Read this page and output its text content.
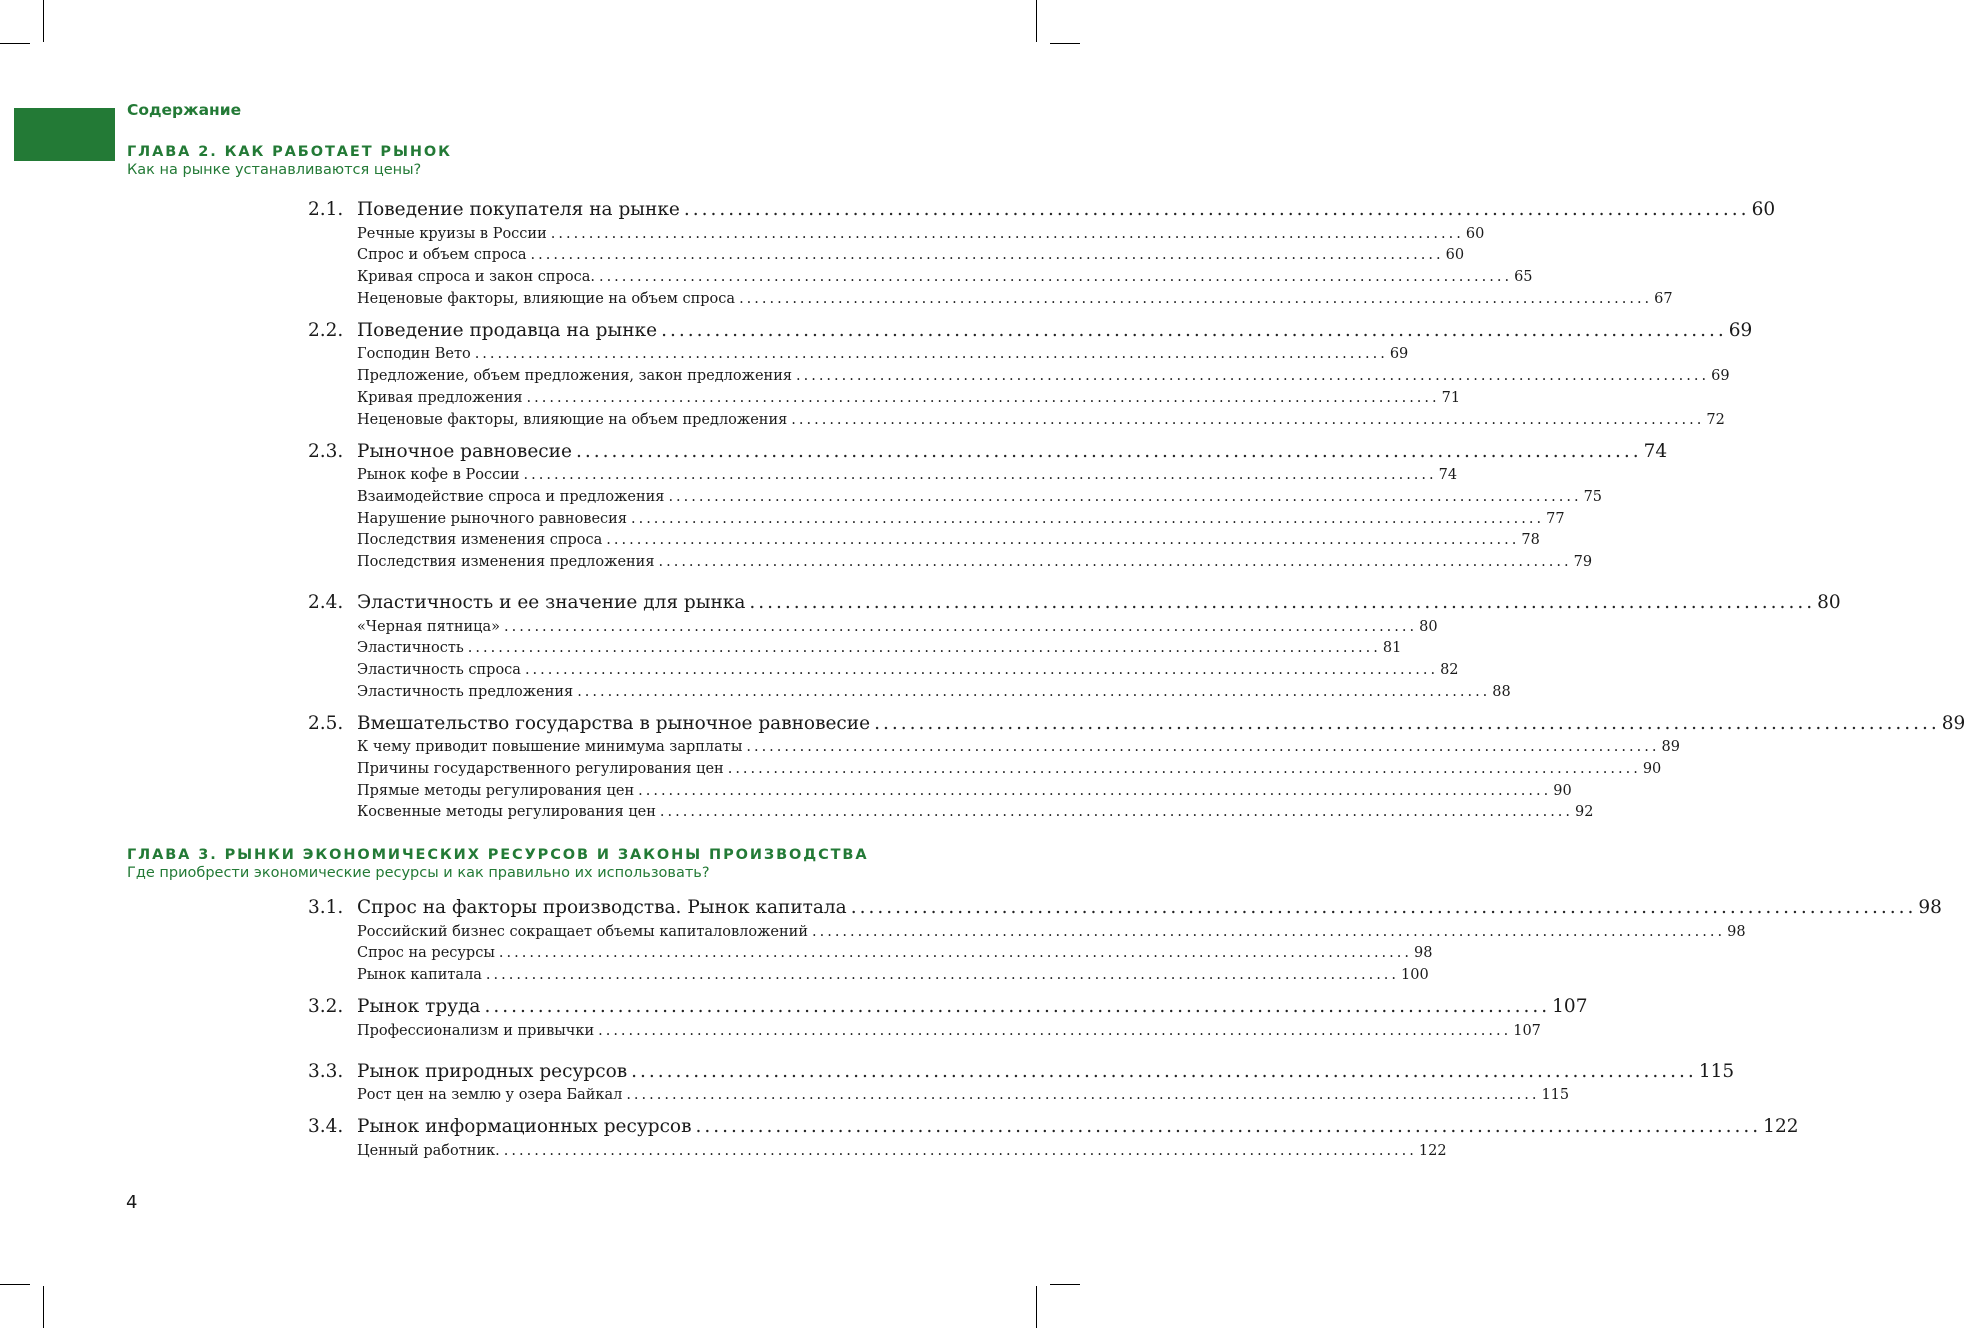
Содержание
ГЛАВА 2. КАК РАБОТАЕТ РЫНОК
Как на рынке устанавливаются цены?
2.1. Поведение покупателя на рынке ........................................................................................................................ 60
Речные круизы в России ........................................................................................................................ 60
Спрос и объем спроса ........................................................................................................................ 60
Кривая спроса и закон спроса. ........................................................................................................................ 65
Неценовые факторы, влияющие на объем спроса ........................................................................................................................ 67
2.2. Поведение продавца на рынке ........................................................................................................................ 69
Господин Вето ........................................................................................................................ 69
Предложение, объем предложения, закон предложения ........................................................................................................................ 69
Кривая предложения ........................................................................................................................ 71
Неценовые факторы, влияющие на объем предложения ........................................................................................................................ 72
2.3. Рыночное равновесие ........................................................................................................................ 74
Рынок кофе в России ........................................................................................................................ 74
Взаимодействие спроса и предложения ........................................................................................................................ 75
Нарушение рыночного равновесия ........................................................................................................................ 77
Последствия изменения спроса ........................................................................................................................ 78
Последствия изменения предложения ........................................................................................................................ 79
2.4. Эластичность и ее значение для рынка ........................................................................................................................ 80
«Черная пятница» ........................................................................................................................ 80
Эластичность ........................................................................................................................ 81
Эластичность спроса ........................................................................................................................ 82
Эластичность предложения ........................................................................................................................ 88
2.5. Вмешательство государства в рыночное равновесие ........................................................................................................................ 89
К чему приводит повышение минимума зарплаты ........................................................................................................................ 89
Причины государственного регулирования цен ........................................................................................................................ 90
Прямые методы регулирования цен ........................................................................................................................ 90
Косвенные методы регулирования цен ........................................................................................................................ 92
ГЛАВА 3. РЫНКИ ЭКОНОМИЧЕСКИХ РЕСУРСОВ И ЗАКОНЫ ПРОИЗВОДСТВА
Где приобрести экономические ресурсы и как правильно их использовать?
3.1. Спрос на факторы производства. Рынок капитала ........................................................................................................................ 98
Российский бизнес сокращает объемы капиталовложений ........................................................................................................................ 98
Спрос на ресурсы ........................................................................................................................ 98
Рынок капитала ........................................................................................................................ 100
3.2. Рынок труда ........................................................................................................................ 107
Профессионализм и привычки ........................................................................................................................ 107
3.3. Рынок природных ресурсов ........................................................................................................................ 115
Рост цен на землю у озера Байкал ........................................................................................................................ 115
3.4. Рынок информационных ресурсов ........................................................................................................................ 122
Ценный работник. ........................................................................................................................ 122
4
